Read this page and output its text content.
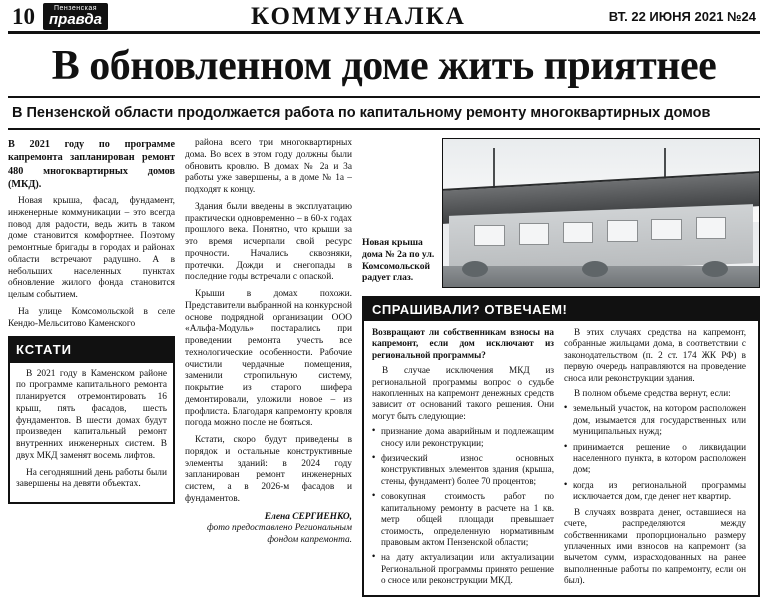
10	Пензенская
правда	КОММУНАЛКА	ВТ. 22 ИЮНЯ 2021 №24
В обновленном доме жить приятнее
В Пензенской области продолжается работа по капитальному ремонту многоквартирных домов

В 2021 году по программе капремонта запланирован ремонт 480 многоквартирных домов (МКД).

Новая крыша, фасад, фундамент, инженерные коммуникации – это всегда повод для радости, ведь жить в таком доме становится комфортнее. Поэтому ремонтные бригады в городах и районах области встречают радушно. А в небольших населенных пунктах обновление жилого фонда становится целым событием.

На улице Комсомольской в селе Кендю-Мельситово Каменского

КСТАТИ

В 2021 году в Каменском районе по программе капитального ремонта планируется отремонтировать 16 крыш, пять фасадов, шесть фундаментов. В шести домах будут произведен капитальный ремонт внутренних инженерных систем. В двух МКД заменят восемь лифтов.

На сегодняшний день работы были завершены на девяти объектах.

района всего три многоквартирных дома. Во всех в этом году должны были обновить кровлю. В домах № 2а и 3а работы уже завершены, а в доме № 1а – подходят к концу.

Здания были введены в эксплуатацию практически одновременно – в 60-х годах прошлого века. Понятно, что крыши за это время исчерпали свой ресурс прочности. Начались сквозняки, протечки. Дожди и снегопады в последние годы встречали с опаской.

Крыши в домах похожи. Представители выбранной на конкурсной основе подрядной организации ООО «Альфа-Модуль» постарались при проведении ремонта учесть все технологические особенности. Рабочие очистили чердачные помещения, заменили стропильную систему, покрытие из старого шифера демонтировали, уложили новое – из профлиста. Благодаря капремонту кровля погода можно после не бояться.

Кстати, скоро будут приведены в порядок и остальные конструктивные элементы зданий: в 2024 году запланирован ремонт инженерных систем, а в 2026-м фасадов и фундаментов.

Елена СЕРГИЕНКО,
фото предоставлено Региональным фондом капремонта.
Новая крыша дома № 2а по ул. Комсомольской радует глаз.
СПРАШИВАЛИ? ОТВЕЧАЕМ!

Возвращают ли собственникам взносы на капремонт, если дом исключают из региональной программы?

В случае исключения МКД из региональной программы вопрос о судьбе накопленных на капремонт денежных средств зависит от оснований такого решения. Они могут быть следующие:

• признание дома аварийным и подлежащим сносу или реконструкции;

• физический износ основных конструктивных элементов здания (крыша, стены, фундамент) более 70 процентов;

• совокупная стоимость работ по капитальному ремонту в расчете на 1 кв. метр общей площади превышает стоимость, определенную нормативным правовым актом Пензенской области;

• на дату актуализации или актуализации Региональной программы принято решение о сносе или реконструкции МКД.

В этих случаях средства на капремонт, собранные жильцами дома, в соответствии с законодательством (п. 2 ст. 174 ЖК РФ) в первую очередь направляются на проведение сноса или реконструкции здания.

В полном объеме средства вернут, если:

• земельный участок, на котором расположен дом, изымается для государственных или муниципальных нужд;

• принимается решение о ликвидации населенного пункта, в котором расположен дом;

• когда из региональной программы исключается дом, где денег нет квартир.

В случаях возврата денег, оставшиеся на счете, распределяются между собственниками пропорционально размеру уплаченных ими взносов на капремонт (за вычетом сумм, израсходованных на ранее выполненные работы по капремонту, если он был).
